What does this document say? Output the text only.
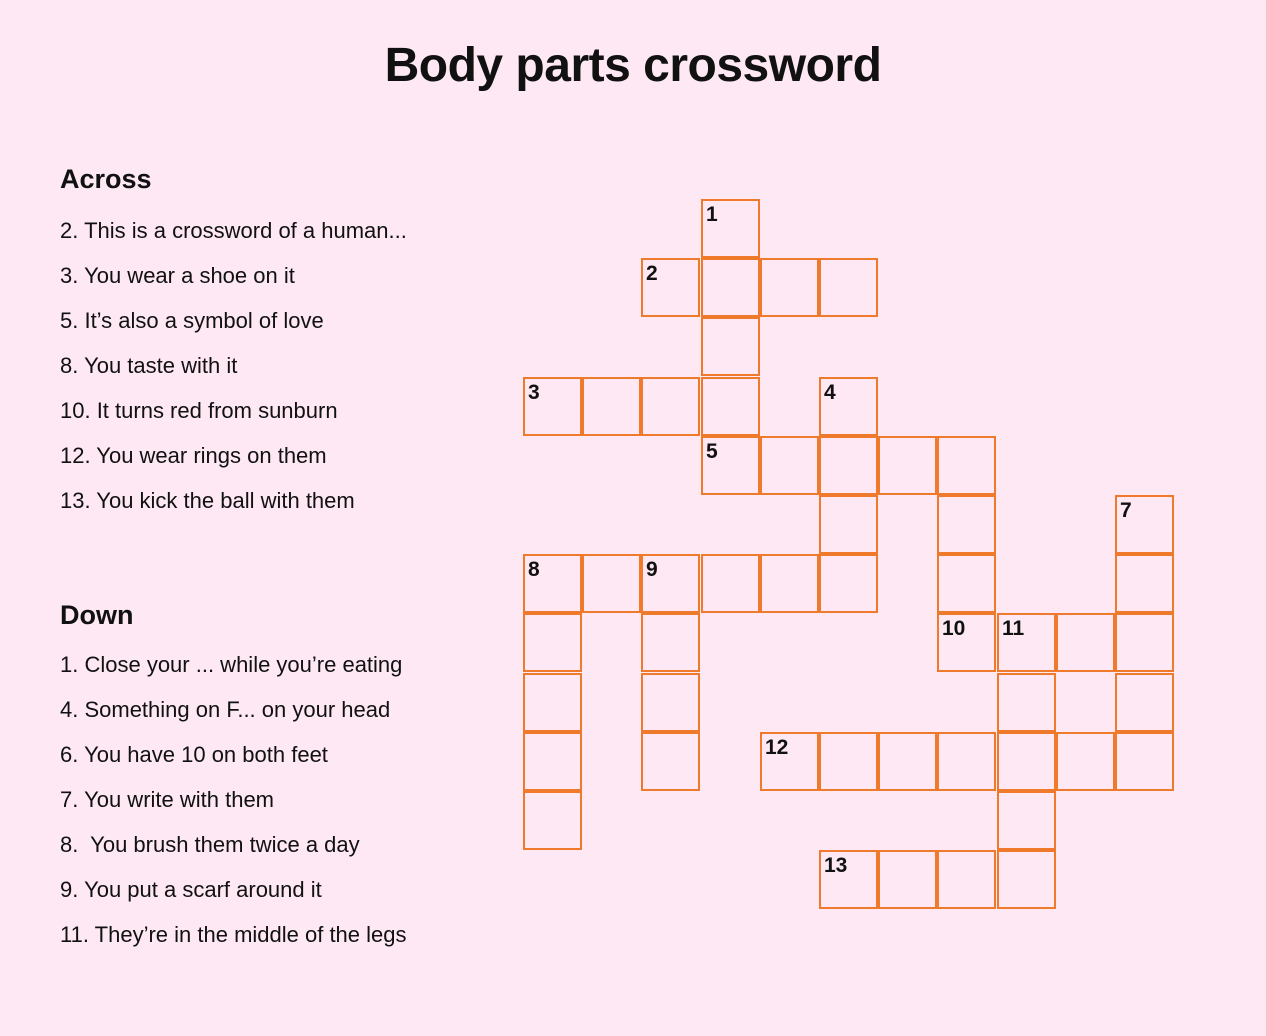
Body parts crossword
Across
2. This is a crossword of a human...
3. You wear a shoe on it
5. It’s also a symbol of love
8. You taste with it
10. It turns red from sunburn
12. You wear rings on them
13. You kick the ball with them
Down
1. Close your ... while you’re eating
4. Something on F... on your head
6. You have 10 on both feet
7. You write with them
8.  You brush them twice a day
9. You put a scarf around it
11. They’re in the middle of the legs
1
2
3	4
5
7
8	9
10 11
12
13
